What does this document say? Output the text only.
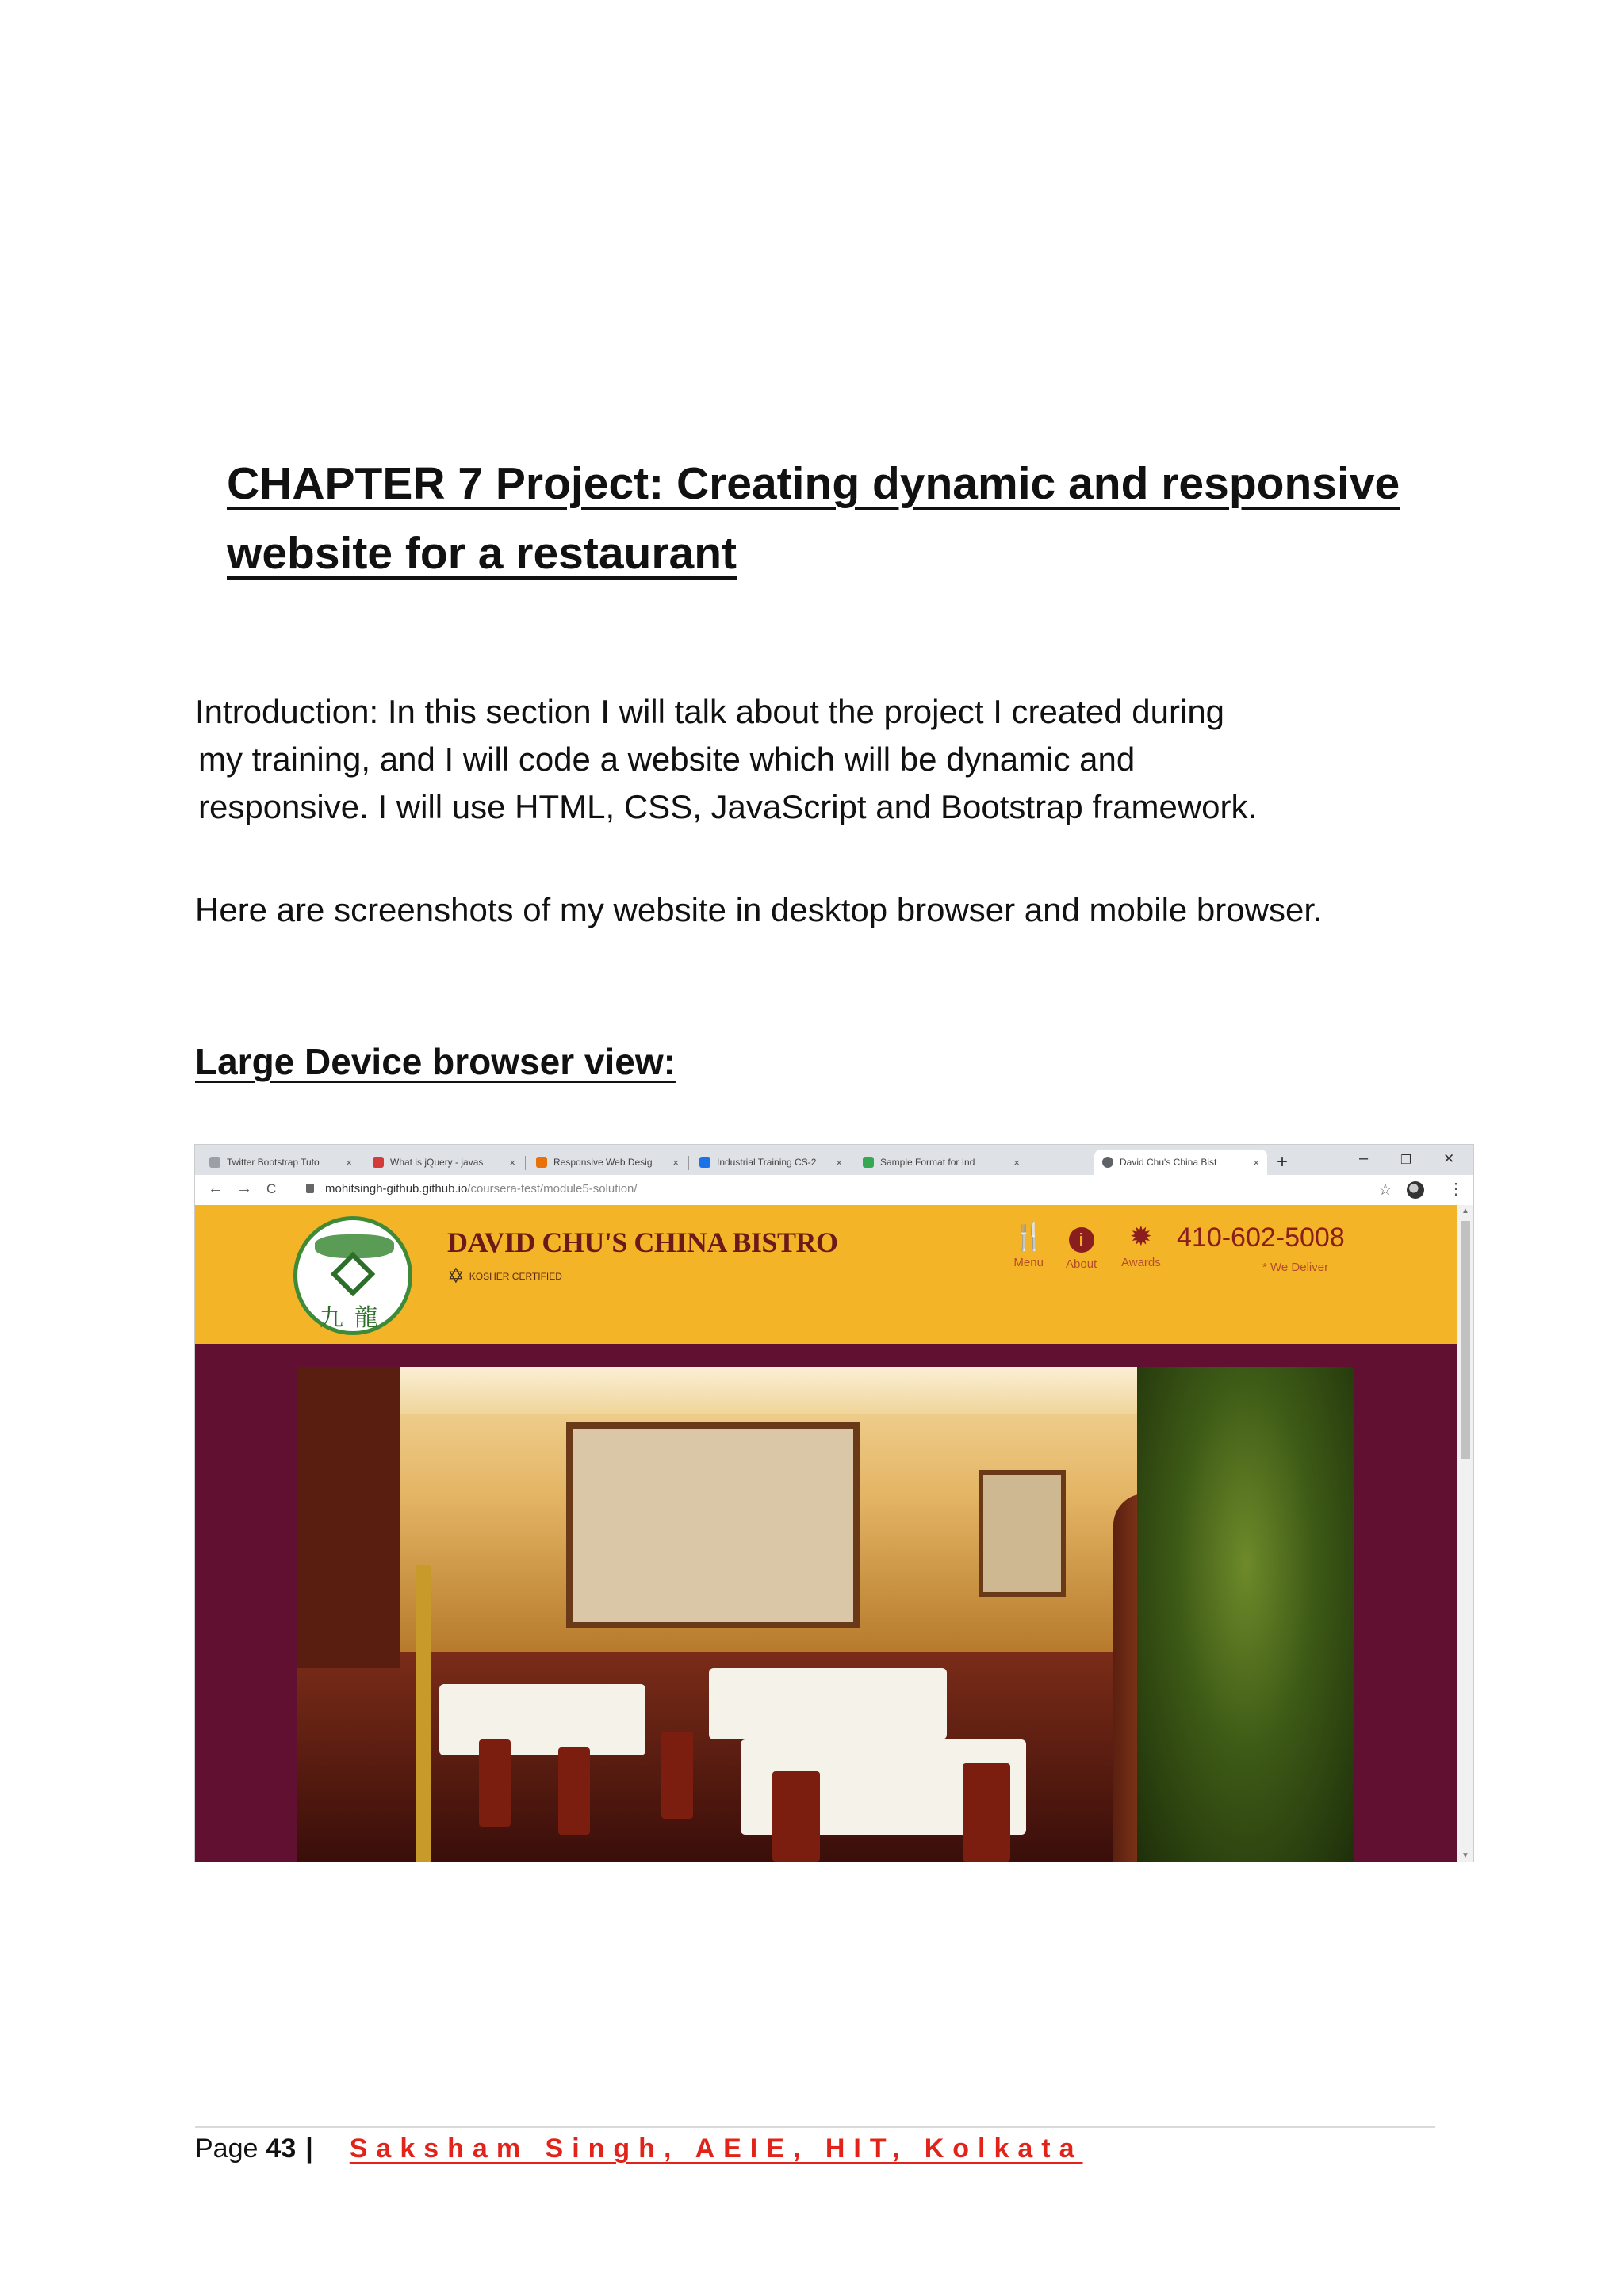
CHAPTER 7 Project: Creating dynamic and responsive
website for a restaurant

Introduction: In this section I will talk about the project I created during
my training, and I will code a website which will be dynamic and
responsive. I will use HTML, CSS, JavaScript and Bootstrap framework.

Here are screenshots of my website in desktop browser and mobile browser.

Large Device browser view:
Twitter Bootstrap Tuto	×	What is jQuery - javas	×	Responsive Web Desig ×	Industrial Training CS-2 ×	Sample Format for Ind	×	David Chu's China Bist	× +	–	❐ ✕
← → C	mohitsingh-github.github.io/coursera-test/module5-solution/	☆	⋮
九龍
DAVID CHU'S CHINA BISTRO
✡ KOSHER CERTIFIED
🍴
Menu
i
About
✹
Awards
410-602-5008
* We Deliver
▲
▼
Page 43 | Saksham Singh, AEIE, HIT, Kolkata
